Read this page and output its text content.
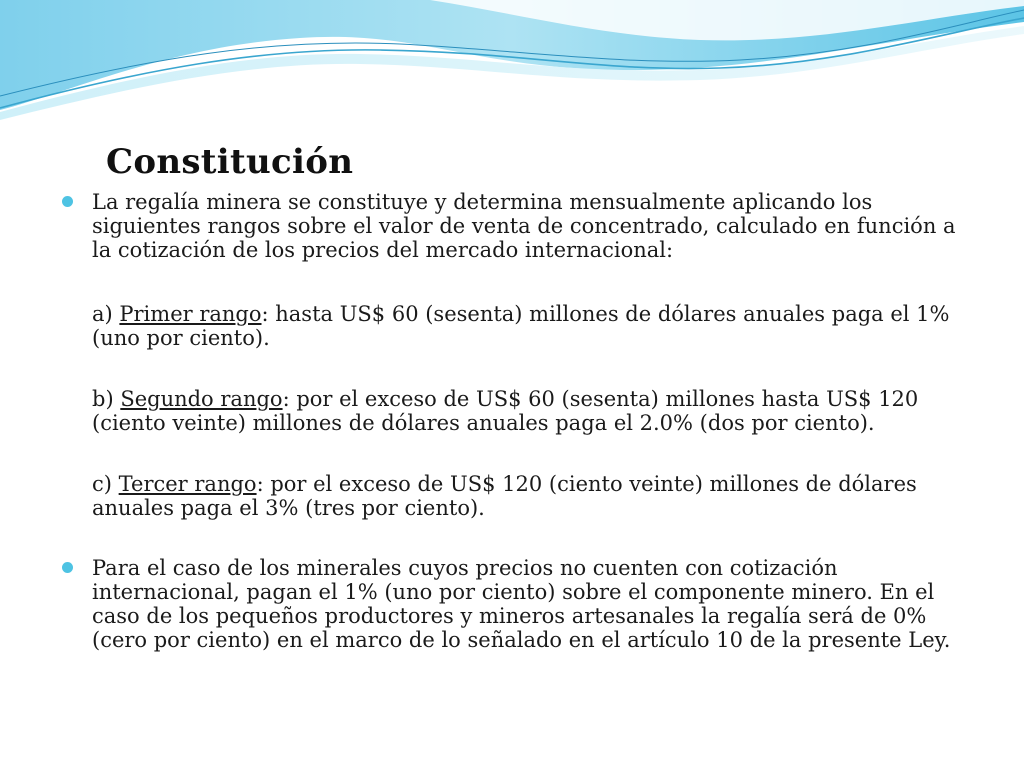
Constitución

La regalía minera se constituye y determina mensualmente aplicando los siguientes rangos sobre el valor de venta de concentrado, calculado en función a la cotización de los precios del mercado internacional:

a) Primer rango: hasta US$ 60 (sesenta) millones de dólares anuales paga el 1% (uno por ciento).

b) Segundo rango: por el exceso de US$ 60 (sesenta) millones hasta US$ 120 (ciento veinte) millones de dólares anuales paga el 2.0% (dos por ciento).

c) Tercer rango: por el exceso de US$ 120 (ciento veinte) millones de dólares anuales paga el 3% (tres por ciento).

Para el caso de los minerales cuyos precios no cuenten con cotización internacional, pagan el 1% (uno por ciento) sobre el componente minero. En el caso de los pequeños productores y mineros artesanales la regalía será de 0% (cero por ciento) en el marco de lo señalado en el artículo 10 de la presente Ley.
